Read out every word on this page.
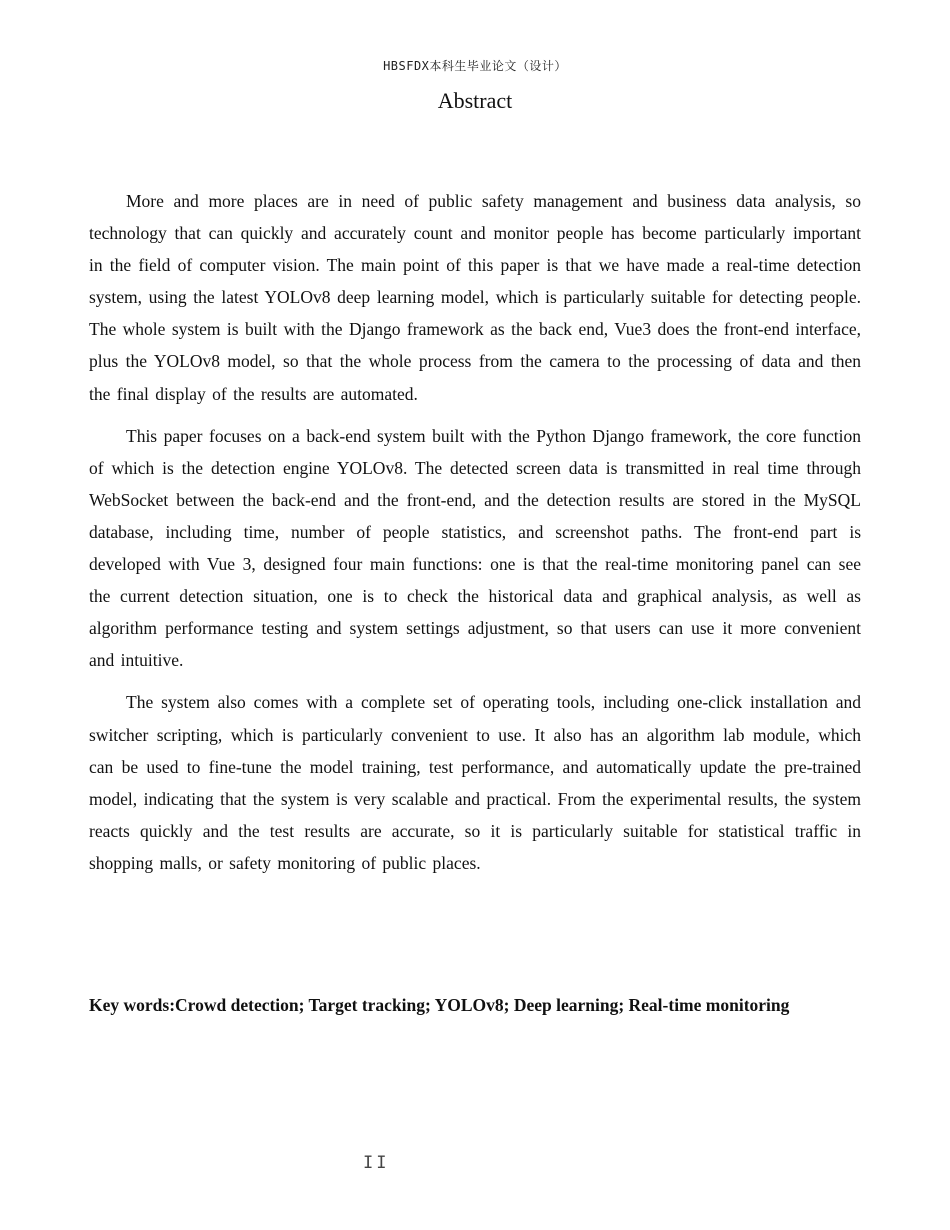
HBSFDX本科生毕业论文（设计）
Abstract

More and more places are in need of public safety management and business data analysis, so technology that can quickly and accurately count and monitor people has become particularly important in the field of computer vision. The main point of this paper is that we have made a real-time detection system, using the latest YOLOv8 deep learning model, which is particularly suitable for detecting people. The whole system is built with the Django framework as the back end, Vue3 does the front-end interface, plus the YOLOv8 model, so that the whole process from the camera to the processing of data and then the final display of the results are automated.

This paper focuses on a back-end system built with the Python Django framework, the core function of which is the detection engine YOLOv8. The detected screen data is transmitted in real time through WebSocket between the back-end and the front-end, and the detection results are stored in the MySQL database, including time, number of people statistics, and screenshot paths. The front-end part is developed with Vue 3, designed four main functions: one is that the real-time monitoring panel can see the current detection situation, one is to check the historical data and graphical analysis, as well as algorithm performance testing and system settings adjustment, so that users can use it more convenient and intuitive.

The system also comes with a complete set of operating tools, including one-click installation and switcher scripting, which is particularly convenient to use. It also has an algorithm lab module, which can be used to fine-tune the model training, test performance, and automatically update the pre-trained model, indicating that the system is very scalable and practical. From the experimental results, the system reacts quickly and the test results are accurate, so it is particularly suitable for statistical traffic in shopping malls, or safety monitoring of public places.

Key words:Crowd detection; Target tracking; YOLOv8; Deep learning; Real-time monitoring
II
